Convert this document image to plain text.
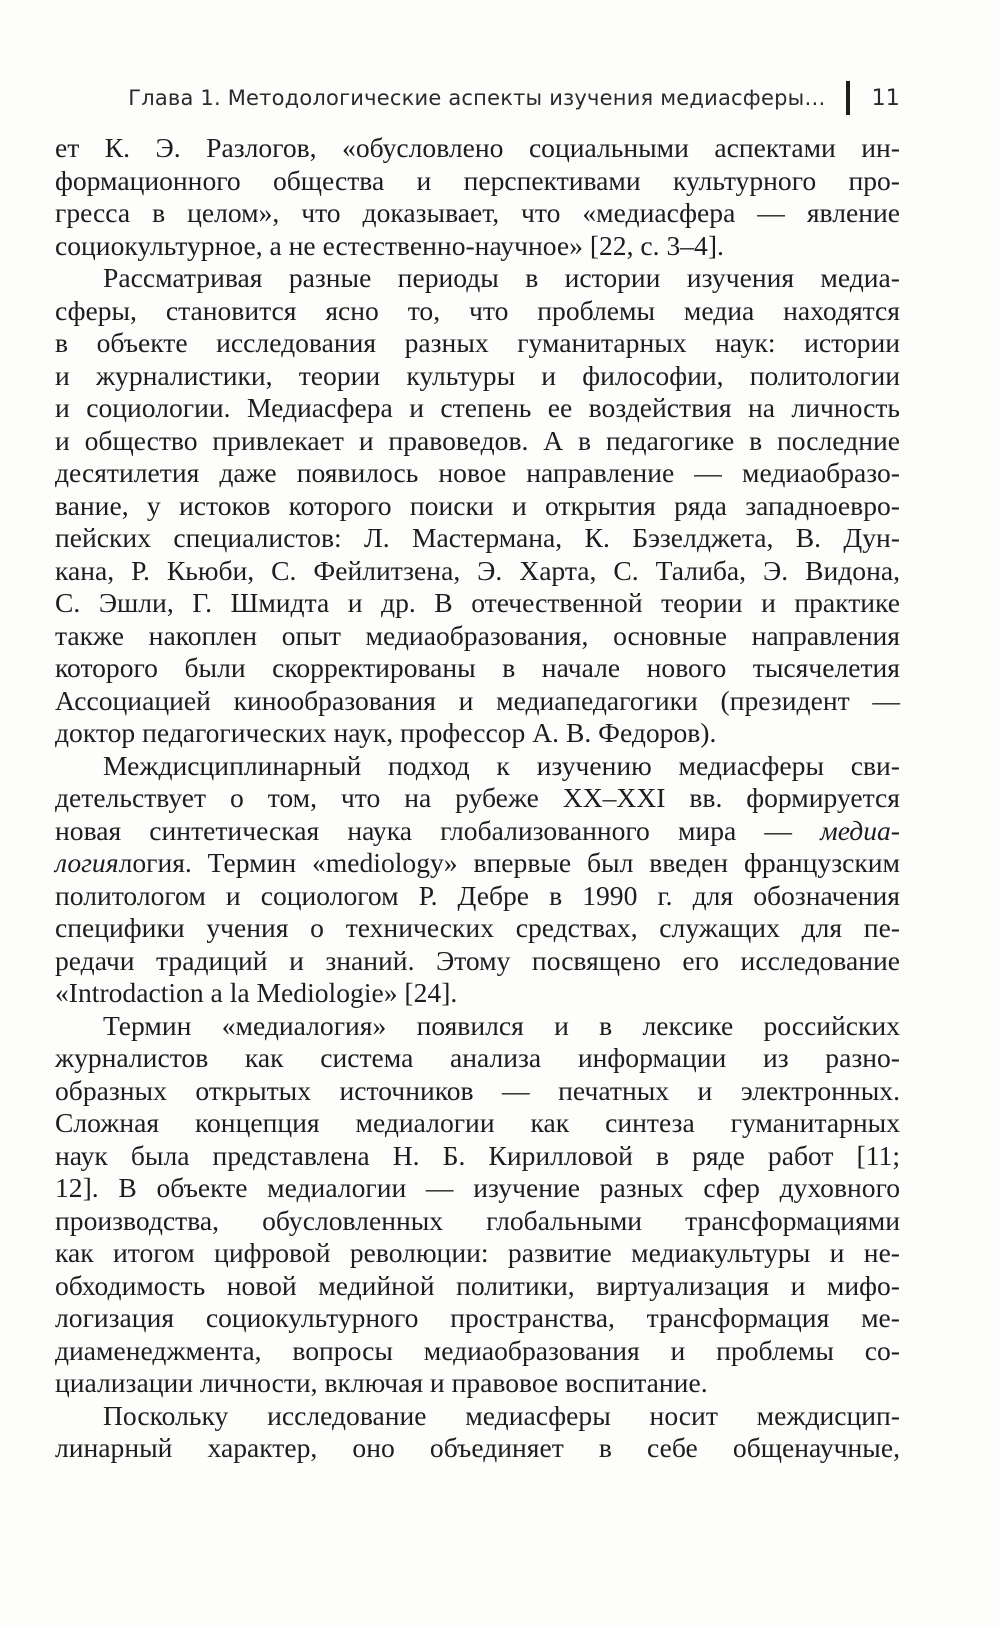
Глава 1. Методологические аспекты изучения медиасферы… 11
ет К. Э. Разлогов, «обусловлено социальными аспектами ин-
формационного общества и перспективами культурного про-
гресса в целом», что доказывает, что «медиасфера — явление
социокультурное, а не естественно-научное» [22, с. 3–4].
Рассматривая разные периоды в истории изучения медиа-
сферы, становится ясно то, что проблемы медиа находятся
в объекте исследования разных гуманитарных наук: истории
и журналистики, теории культуры и философии, политологии
и социологии. Медиасфера и степень ее воздействия на личность
и общество привлекает и правоведов. А в педагогике в последние
десятилетия даже появилось новое направление — медиаобразо-
вание, у истоков которого поиски и открытия ряда западноевро-
пейских специалистов: Л. Мастермана, К. Бэзелджета, В. Дун-
кана, Р. Кьюби, С. Фейлитзена, Э. Харта, С. Талиба, Э. Видона,
С. Эшли, Г. Шмидта и др. В отечественной теории и практике
также накоплен опыт медиаобразования, основные направления
которого были скорректированы в начале нового тысячелетия
Ассоциацией кинообразования и медиапедагогики (президент —
доктор педагогических наук, профессор А. В. Федоров).
Междисциплинарный подход к изучению медиасферы сви-
детельствует о том, что на рубеже XX–XXI вв. формируется
новая синтетическая наука глобализованного мира — медиа-
логиялогия. Термин «mediology» впервые был введен французским
политологом и социологом Р. Дебре в 1990 г. для обозначения
специфики учения о технических средствах, служащих для пе-
редачи традиций и знаний. Этому посвящено его исследование
«Introdaction a la Mediologie» [24].
Термин «медиалогия» появился и в лексике российских
журналистов как система анализа информации из разно-
образных открытых источников — печатных и электронных.
Сложная концепция медиалогии как синтеза гуманитарных
наук была представлена Н. Б. Кирилловой в ряде работ [11;
12]. В объекте медиалогии — изучение разных сфер духовного
производства, обусловленных глобальными трансформациями
как итогом цифровой революции: развитие медиакультуры и не-
обходимость новой медийной политики, виртуализация и мифо-
логизация социокультурного пространства, трансформация ме-
диаменеджмента, вопросы медиаобразования и проблемы со-
циализации личности, включая и правовое воспитание.
Поскольку исследование медиасферы носит междисцип-
линарный характер, оно объединяет в себе общенаучные,
